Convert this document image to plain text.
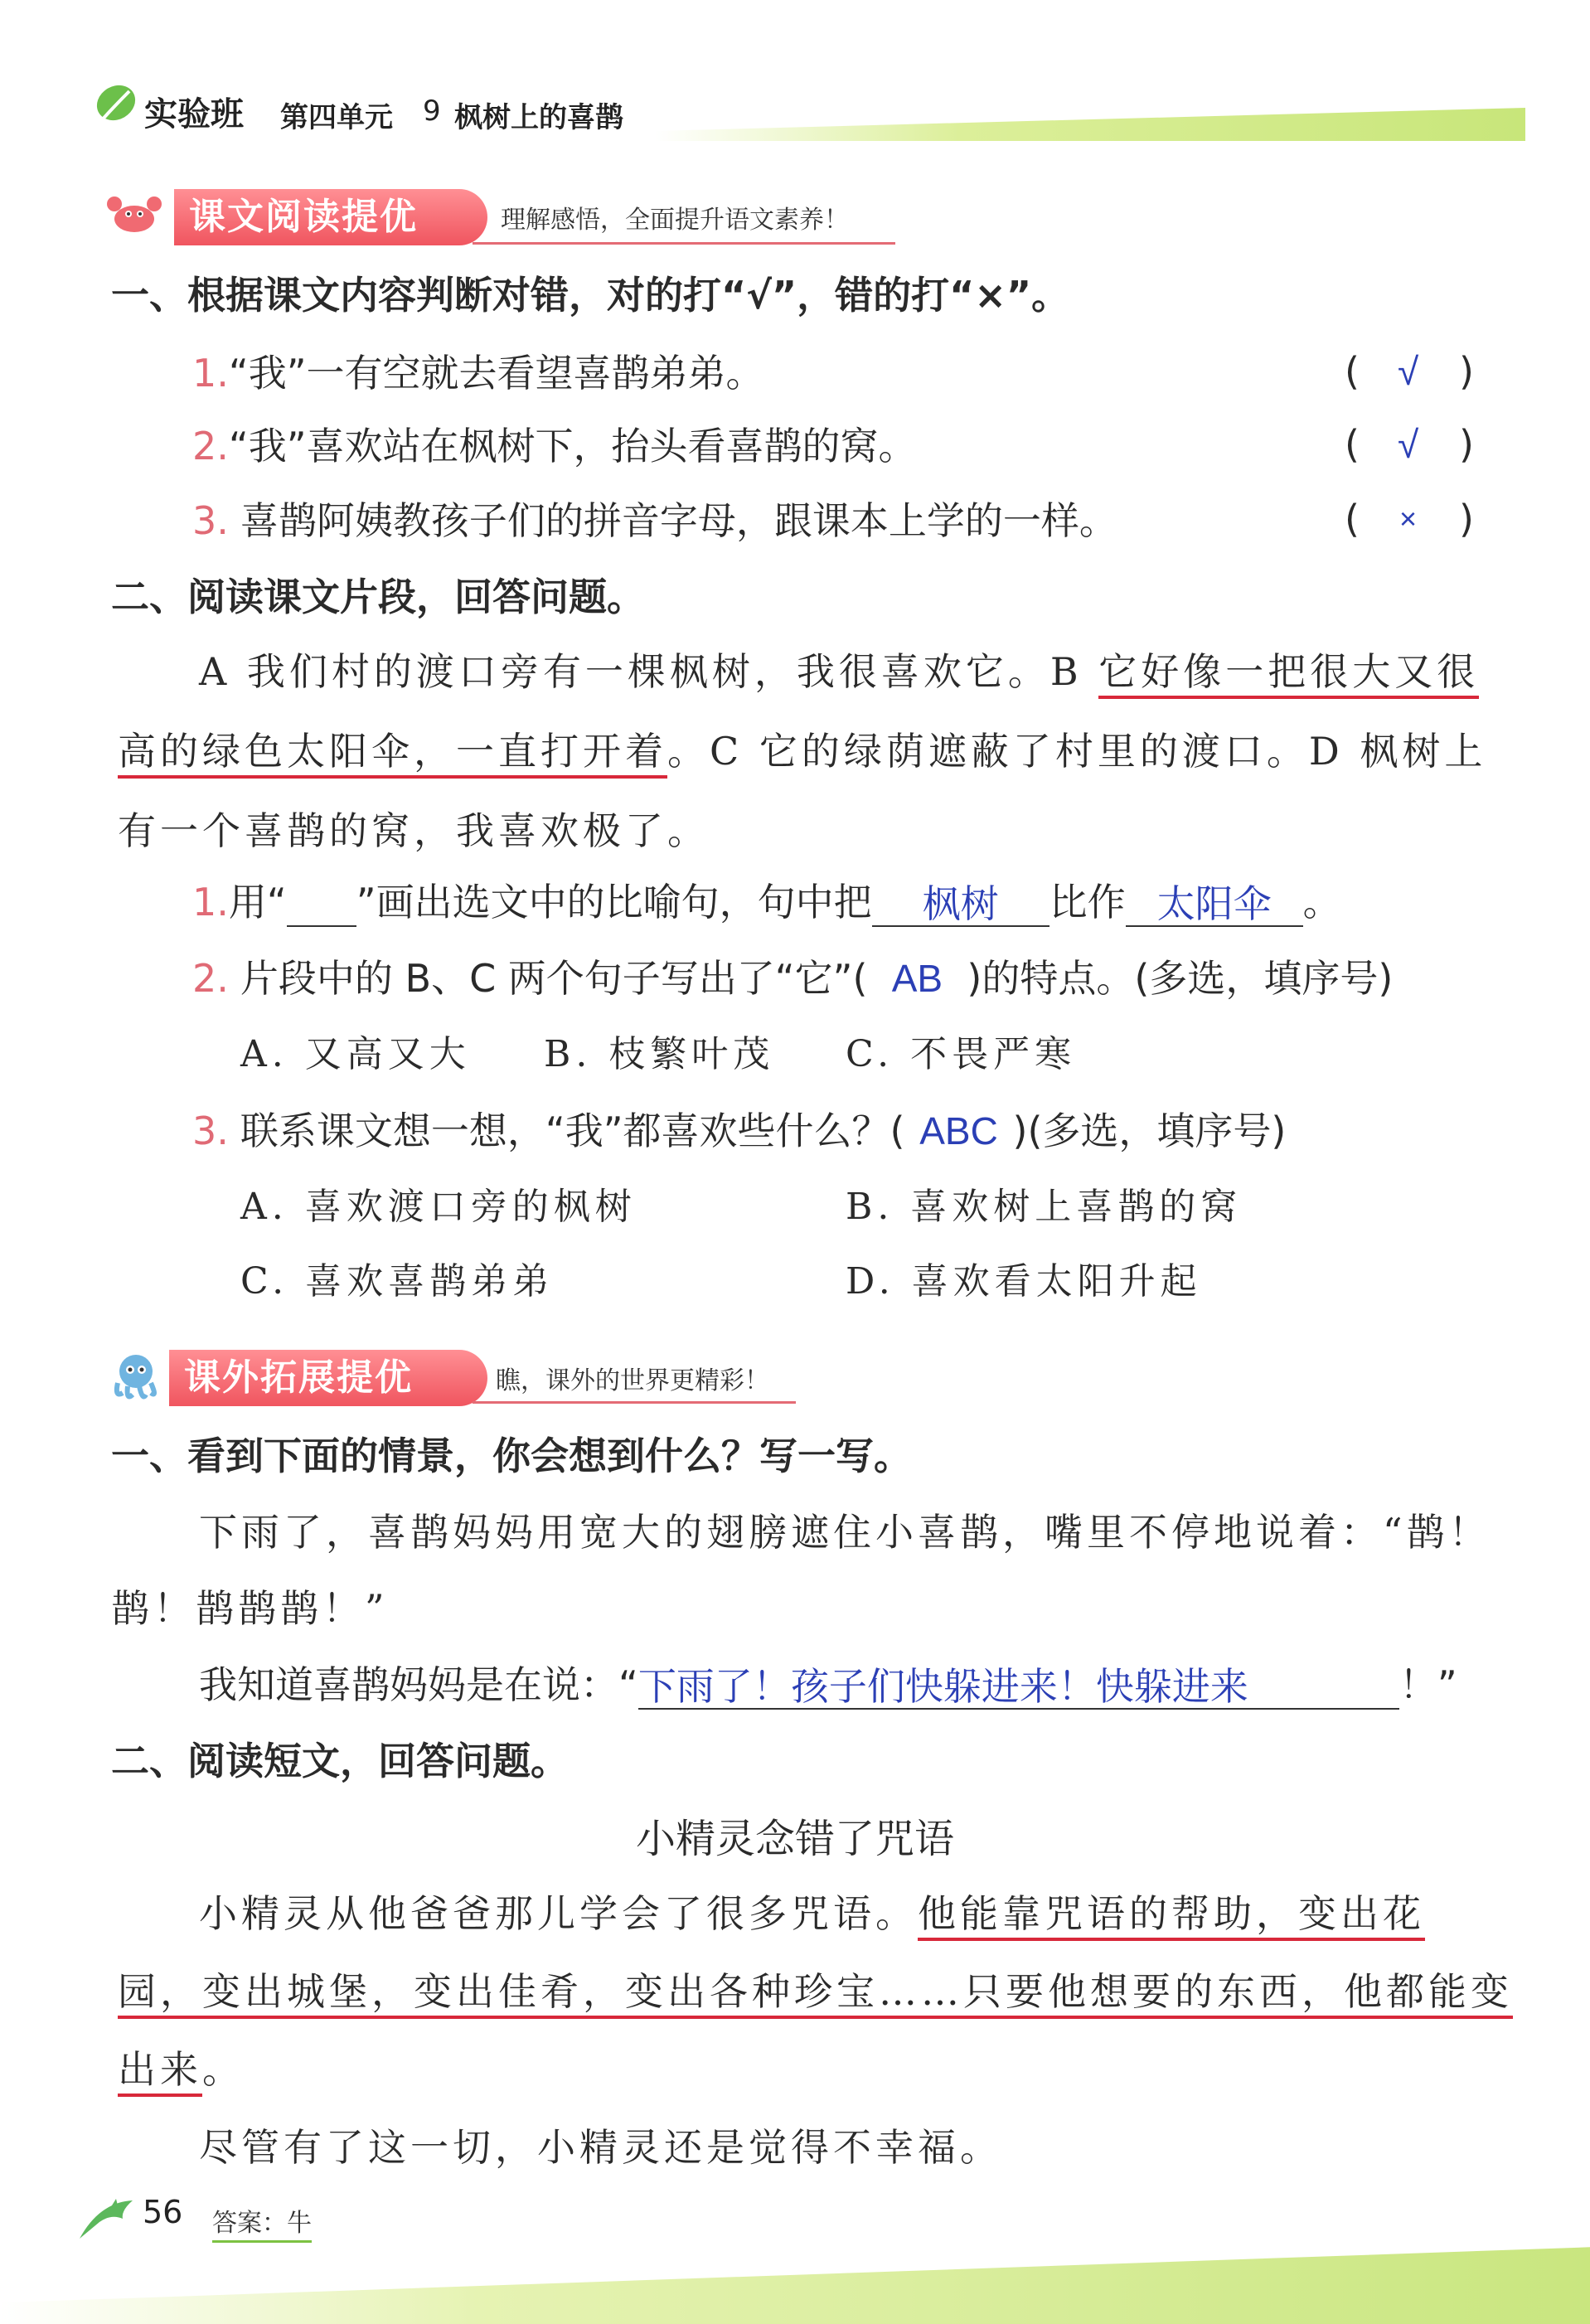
实验班 第四单元 9 枫树上的喜鹊
课文阅读提优	理解感悟，全面提升语文素养！
一、根据课文内容判断对错，对的打“√”，错的打“×”。
1.“我”一有空就去看望喜鹊弟弟。	( √ )
2.“我”喜欢站在枫树下，抬头看喜鹊的窝。	( √ )
3. 喜鹊阿姨教孩子们的拼音字母，跟课本上学的一样。	( × )
二、阅读课文片段，回答问题。
A 我们村的渡口旁有一棵枫树，我很喜欢它。B 它好像一把很大又很
高的绿色太阳伞，一直打开着。C 它的绿荫遮蔽了村里的渡口。D 枫树上
有一个喜鹊的窝，我喜欢极了。
1.用“ ”画出选文中的比喻句，句中把 枫树 比作 太阳伞 。
2. 片段中的 B、C 两个句子写出了“它”( AB )的特点。(多选，填序号)
A. 又高又大 B. 枝繁叶茂 C. 不畏严寒
3. 联系课文想一想，“我”都喜欢些什么？( ABC )(多选，填序号)
A. 喜欢渡口旁的枫树	B. 喜欢树上喜鹊的窝
C. 喜欢喜鹊弟弟	D. 喜欢看太阳升起
课外拓展提优	瞧，课外的世界更精彩！
一、看到下面的情景，你会想到什么？写一写。
下雨了，喜鹊妈妈用宽大的翅膀遮住小喜鹊，嘴里不停地说着：“鹊！
鹊！鹊鹊鹊！”
我知道喜鹊妈妈是在说：“下雨了！孩子们快躲进来！快躲进来	！”
二、阅读短文，回答问题。
小精灵念错了咒语
小精灵从他爸爸那儿学会了很多咒语。他能靠咒语的帮助，变出花
园，变出城堡，变出佳肴，变出各种珍宝……只要他想要的东西，他都能变
出来。
尽管有了这一切，小精灵还是觉得不幸福。
56 答案：牛
